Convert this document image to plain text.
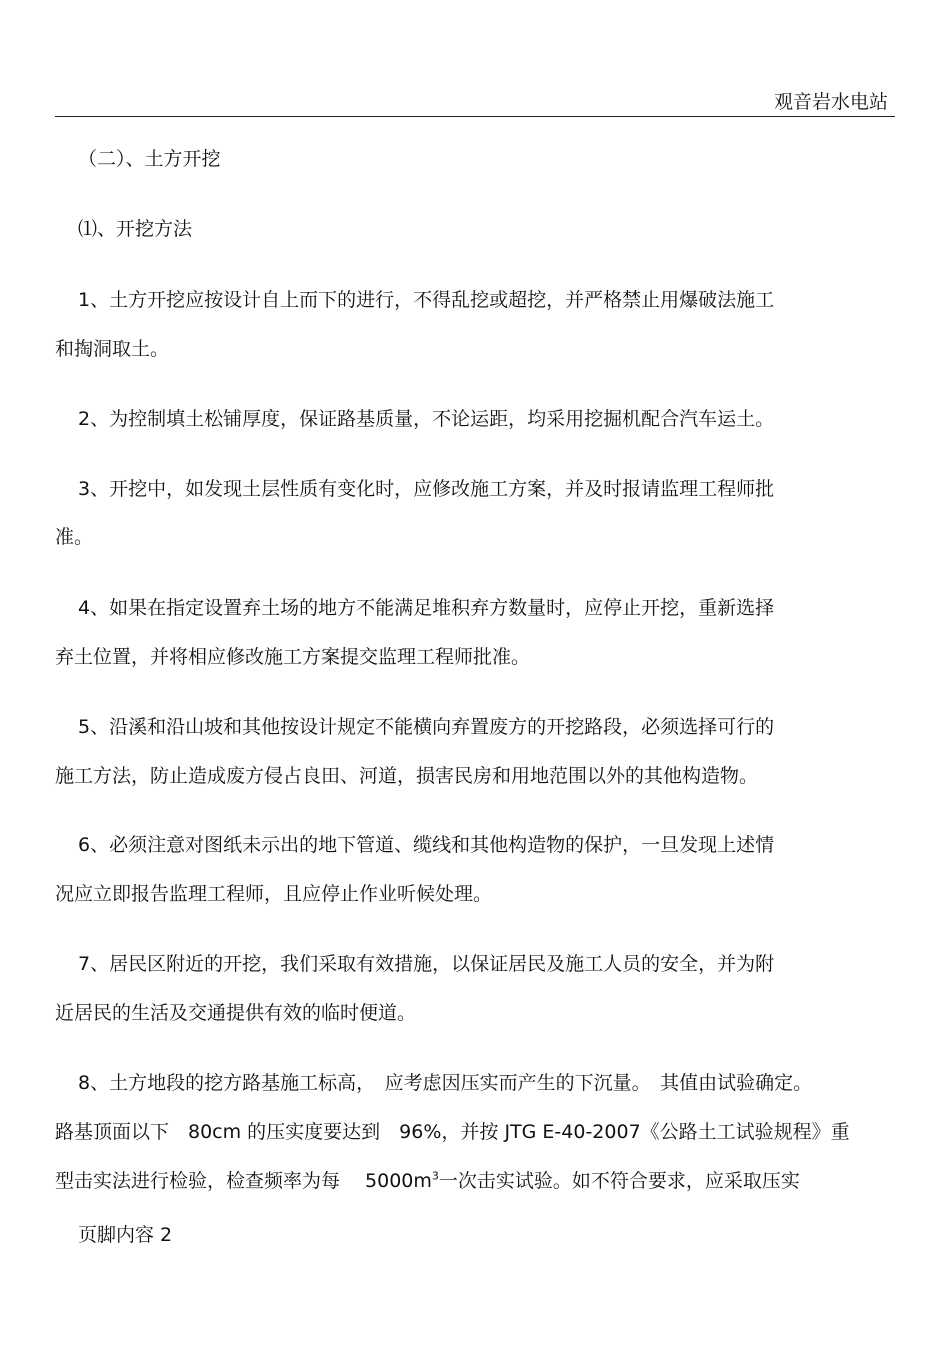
观音岩水电站
（二）、土方开挖
⑴、开挖方法
1、土方开挖应按设计自上而下的进行，不得乱挖或超挖，并严格禁止用爆破法施工
和掏洞取土。
2、为控制填土松铺厚度，保证路基质量，不论运距，均采用挖掘机配合汽车运土。
3、开挖中，如发现土层性质有变化时，应修改施工方案，并及时报请监理工程师批
准。
4、如果在指定设置弃土场的地方不能满足堆积弃方数量时，应停止开挖，重新选择
弃土位置，并将相应修改施工方案提交监理工程师批准。
5、沿溪和沿山坡和其他按设计规定不能横向弃置废方的开挖路段，必须选择可行的
施工方法，防止造成废方侵占良田、河道，损害民房和用地范围以外的其他构造物。
6、必须注意对图纸未示出的地下管道、缆线和其他构造物的保护，一旦发现上述情
况应立即报告监理工程师，且应停止作业听候处理。
7、居民区附近的开挖，我们采取有效措施，以保证居民及施工人员的安全，并为附
近居民的生活及交通提供有效的临时便道。
8、土方地段的挖方路基施工标高，　应考虑因压实而产生的下沉量。　其值由试验确定。
路基顶面以下　80cm 的压实度要达到　96%，并按 JTG E-40-2007《公路土工试验规程》重
型击实法进行检验，检查频率为每　 $5000m^3$一次击实试验。如不符合要求，应采取压实
页脚内容 2
